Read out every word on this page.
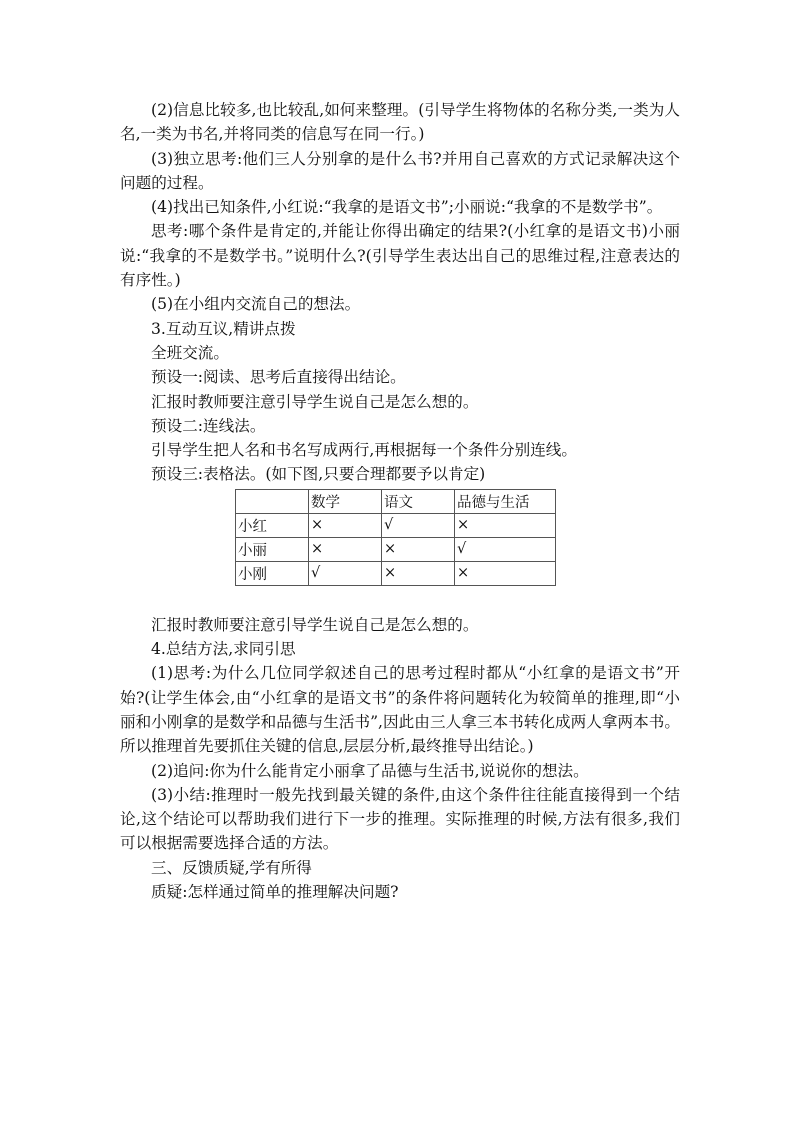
(2)信息比较多,也比较乱,如何来整理。(引导学生将物体的名称分类,一类为人名,一类为书名,并将同类的信息写在同一行。)

(3)独立思考:他们三人分别拿的是什么书?并用自己喜欢的方式记录解决这个问题的过程。

(4)找出已知条件,小红说:“我拿的是语文书”;小丽说:“我拿的不是数学书”。

思考:哪个条件是肯定的,并能让你得出确定的结果?(小红拿的是语文书)小丽说:“我拿的不是数学书。”说明什么?(引导学生表达出自己的思维过程,注意表达的有序性。)

(5)在小组内交流自己的想法。

3.互动互议,精讲点拨

全班交流。

预设一:阅读、思考后直接得出结论。

汇报时教师要注意引导学生说自己是怎么想的。

预设二:连线法。

引导学生把人名和书名写成两行,再根据每一个条件分别连线。

预设三:表格法。(如下图,只要合理都要予以肯定)

	数学	语文	品德与生活
小红	×	√	×
小丽	×	×	√
小刚	√	×	×

汇报时教师要注意引导学生说自己是怎么想的。

4.总结方法,求同引思

(1)思考:为什么几位同学叙述自己的思考过程时都从“小红拿的是语文书”开始?(让学生体会,由“小红拿的是语文书”的条件将问题转化为较简单的推理,即“小丽和小刚拿的是数学和品德与生活书”,因此由三人拿三本书转化成两人拿两本书。所以推理首先要抓住关键的信息,层层分析,最终推导出结论。)

(2)追问:你为什么能肯定小丽拿了品德与生活书,说说你的想法。

(3)小结:推理时一般先找到最关键的条件,由这个条件往往能直接得到一个结论,这个结论可以帮助我们进行下一步的推理。实际推理的时候,方法有很多,我们可以根据需要选择合适的方法。

三、反馈质疑,学有所得

质疑:怎样通过简单的推理解决问题?
